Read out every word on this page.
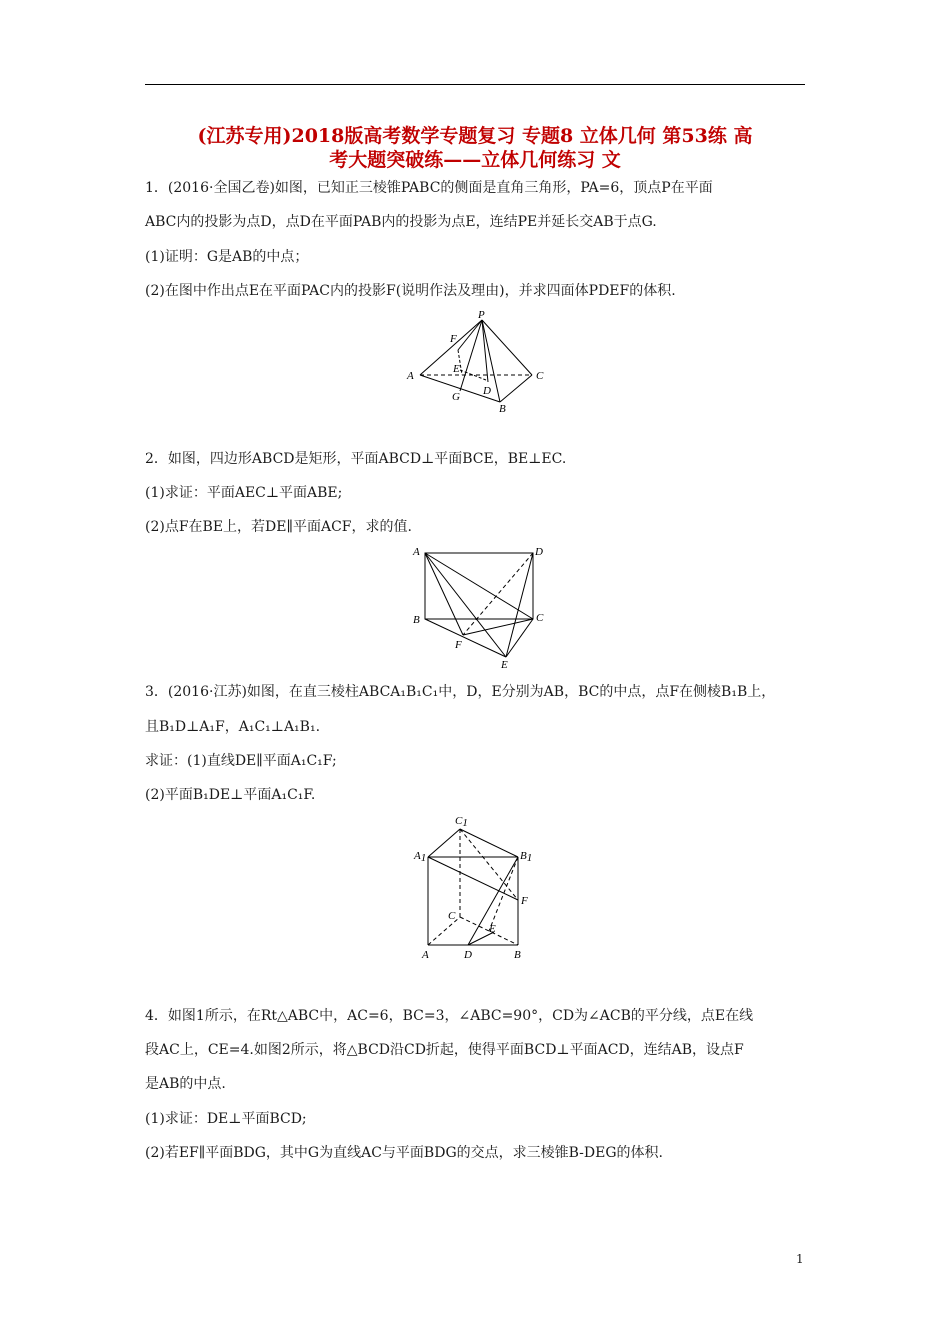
(江苏专用)2018版高考数学专题复习 专题8 立体几何 第53练 高
考大题突破练——立体几何练习 文
1．(2016·全国乙卷)如图，已知正三棱锥PABC的侧面是直角三角形，PA=6，顶点P在平面
ABC内的投影为点D，点D在平面PAB内的投影为点E，连结PE并延长交AB于点G.
(1)证明：G是AB的中点；
(2)在图中作出点E在平面PAC内的投影F(说明作法及理由)，并求四面体PDEF的体积.
P
F
A
E
C
G D
B
2．如图，四边形ABCD是矩形，平面ABCD⊥平面BCE，BE⊥EC.
(1)求证：平面AEC⊥平面ABE;
(2)点F在BE上，若DE∥平面ACF，求的值.
A	D
B	C
F
E
3．(2016·江苏)如图，在直三棱柱ABCA₁B₁C₁中，D，E分别为AB，BC的中点，点F在侧棱B₁B上，
且B₁D⊥A₁F，A₁C₁⊥A₁B₁.
求证：(1)直线DE∥平面A₁C₁F;
(2)平面B₁DE⊥平面A₁C₁F.
C1
A1	B1
F
C
E
A	D	B
4．如图1所示，在Rt△ABC中，AC=6，BC=3，∠ABC=90°，CD为∠ACB的平分线，点E在线
段AC上，CE=4.如图2所示，将△BCD沿CD折起，使得平面BCD⊥平面ACD，连结AB，设点F
是AB的中点.
(1)求证：DE⊥平面BCD;
(2)若EF∥平面BDG，其中G为直线AC与平面BDG的交点，求三棱锥B-DEG的体积.
1
